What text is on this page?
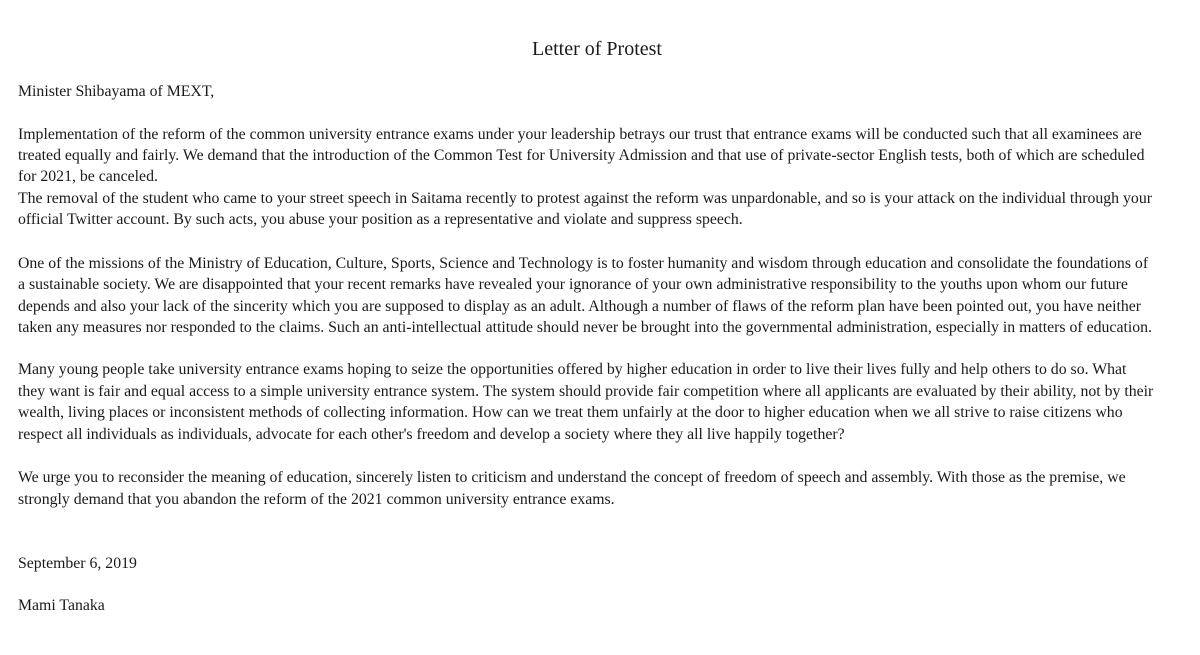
Letter of Protest

Minister Shibayama of MEXT,

Implementation of the reform of the common university entrance exams under your leadership betrays our trust that entrance exams will be conducted such that all examinees are

treated equally and fairly. We demand that the introduction of the Common Test for University Admission and that use of private-sector English tests, both of which are scheduled

for 2021, be canceled.

The removal of the student who came to your street speech in Saitama recently to protest against the reform was unpardonable, and so is your attack on the individual through your

official Twitter account. By such acts, you abuse your position as a representative and violate and suppress speech.

One of the missions of the Ministry of Education, Culture, Sports, Science and Technology is to foster humanity and wisdom through education and consolidate the foundations of

a sustainable society. We are disappointed that your recent remarks have revealed your ignorance of your own administrative responsibility to the youths upon whom our future

depends and also your lack of the sincerity which you are supposed to display as an adult. Although a number of flaws of the reform plan have been pointed out, you have neither

taken any measures nor responded to the claims. Such an anti-intellectual attitude should never be brought into the governmental administration, especially in matters of education.

Many young people take university entrance exams hoping to seize the opportunities offered by higher education in order to live their lives fully and help others to do so. What

they want is fair and equal access to a simple university entrance system. The system should provide fair competition where all applicants are evaluated by their ability, not by their

wealth, living places or inconsistent methods of collecting information. How can we treat them unfairly at the door to higher education when we all strive to raise citizens who

respect all individuals as individuals, advocate for each other's freedom and develop a society where they all live happily together?

We urge you to reconsider the meaning of education, sincerely listen to criticism and understand the concept of freedom of speech and assembly. With those as the premise, we

strongly demand that you abandon the reform of the 2021 common university entrance exams.

September 6, 2019

Mami Tanaka
